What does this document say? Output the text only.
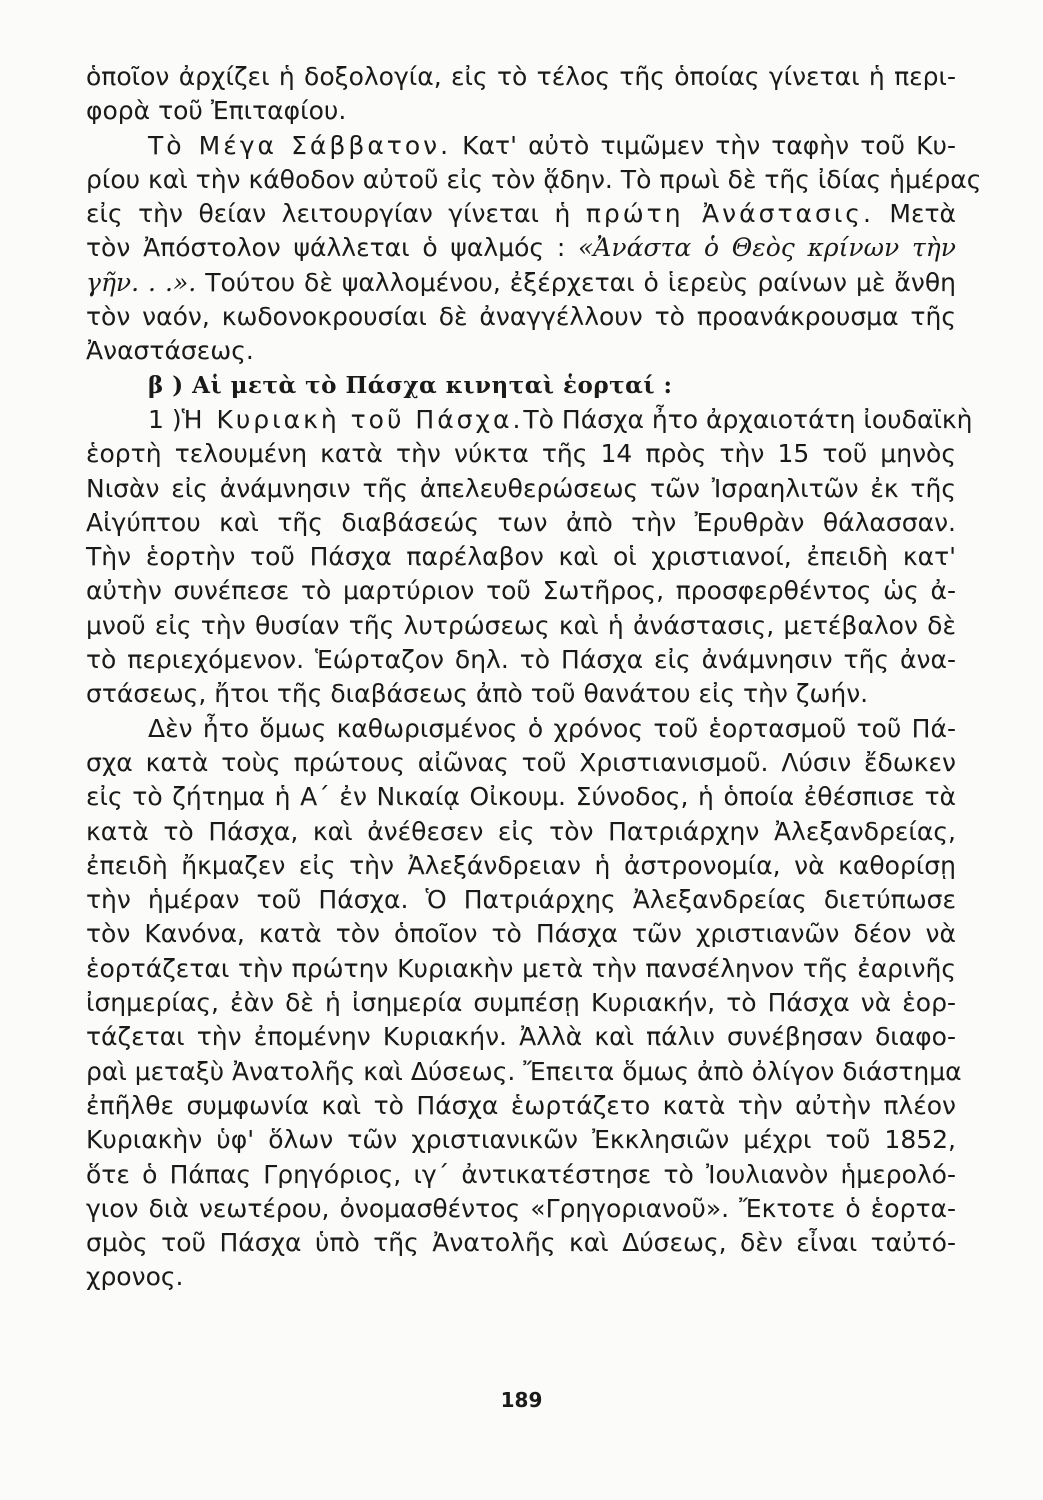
ὁποῖον ἀρχίζει ἡ δοξολογία, εἰς τὸ τέλος τῆς ὁποίας γίνεται ἡ περι-
φορὰ τοῦ Ἐπιταφίου.
Τὸ Μέγα Σάββατον. Κατ' αὐτὸ τιμῶμεν τὴν ταφὴν τοῦ Κυ-
ρίου καὶ τὴν κάθοδον αὐτοῦ εἰς τὸν ᾅδην. Τὸ πρωὶ δὲ τῆς ἰδίας ἡμέρας
εἰς τὴν θείαν λειτουργίαν γίνεται ἡ πρώτη Ἀνάστασις. Μετὰ
τὸν Ἀπόστολον ψάλλεται ὁ ψαλμός : «Ἀνάστα ὁ Θεὸς κρίνων τὴν
γῆν. . .». Τούτου δὲ ψαλλομένου, ἐξέρχεται ὁ ἱερεὺς ραίνων μὲ ἄνθη
τὸν ναόν, κωδονοκρουσίαι δὲ ἀναγγέλλουν τὸ προανάκρουσμα τῆς
Ἀναστάσεως.
β ) Αἱ μετὰ τὸ Πάσχα κινηταὶ ἑορταί :
1 )Ἡ Κυριακὴ τοῦ Πάσχα.Τὸ Πάσχα ἦτο ἀρχαιοτάτη ἰουδαϊκὴ
ἑορτὴ τελουμένη κατὰ τὴν νύκτα τῆς 14 πρὸς τὴν 15 τοῦ μηνὸς
Νισὰν εἰς ἀνάμνησιν τῆς ἀπελευθερώσεως τῶν Ἰσραηλιτῶν ἐκ τῆς
Αἰγύπτου καὶ τῆς διαβάσεώς των ἀπὸ τὴν Ἐρυθρὰν θάλασσαν.
Τὴν ἑορτὴν τοῦ Πάσχα παρέλαβον καὶ οἱ χριστιανοί, ἐπειδὴ κατ'
αὐτὴν συνέπεσε τὸ μαρτύριον τοῦ Σωτῆρος, προσφερθέντος ὡς ἀ-
μνοῦ εἰς τὴν θυσίαν τῆς λυτρώσεως καὶ ἡ ἀνάστασις, μετέβαλον δὲ
τὸ περιεχόμενον. Ἑώρταζον δηλ. τὸ Πάσχα εἰς ἀνάμνησιν τῆς ἀνα-
στάσεως, ἤτοι τῆς διαβάσεως ἀπὸ τοῦ θανάτου εἰς τὴν ζωήν.
Δὲν ἦτο ὅμως καθωρισμένος ὁ χρόνος τοῦ ἑορτασμοῦ τοῦ Πά-
σχα κατὰ τοὺς πρώτους αἰῶνας τοῦ Χριστιανισμοῦ. Λύσιν ἔδωκεν
εἰς τὸ ζήτημα ἡ Α΄ ἐν Νικαίᾳ Οἰκουμ. Σύνοδος, ἡ ὁποία ἐθέσπισε τὰ
κατὰ τὸ Πάσχα, καὶ ἀνέθεσεν εἰς τὸν Πατριάρχην Ἀλεξανδρείας,
ἐπειδὴ ἤκμαζεν εἰς τὴν Ἀλεξάνδρειαν ἡ ἀστρονομία, νὰ καθορίσῃ
τὴν ἡμέραν τοῦ Πάσχα. Ὁ Πατριάρχης Ἀλεξανδρείας διετύπωσε
τὸν Κανόνα, κατὰ τὸν ὁποῖον τὸ Πάσχα τῶν χριστιανῶν δέον νὰ
ἑορτάζεται τὴν πρώτην Κυριακὴν μετὰ τὴν πανσέληνον τῆς ἐαρινῆς
ἰσημερίας, ἐὰν δὲ ἡ ἰσημερία συμπέσῃ Κυριακήν, τὸ Πάσχα νὰ ἑορ-
τάζεται τὴν ἐπομένην Κυριακήν. Ἀλλὰ καὶ πάλιν συνέβησαν διαφο-
ραὶ μεταξὺ Ἀνατολῆς καὶ Δύσεως. Ἔπειτα ὅμως ἀπὸ ὀλίγον διάστημα
ἐπῆλθε συμφωνία καὶ τὸ Πάσχα ἑωρτάζετο κατὰ τὴν αὐτὴν πλέον
Κυριακὴν ὑφ' ὅλων τῶν χριστιανικῶν Ἐκκλησιῶν μέχρι τοῦ 1852,
ὅτε ὁ Πάπας Γρηγόριος, ιγ΄ ἀντικατέστησε τὸ Ἰουλιανὸν ἡμερολό-
γιον διὰ νεωτέρου, ὀνομασθέντος «Γρηγοριανοῦ». Ἔκτοτε ὁ ἑορτα-
σμὸς τοῦ Πάσχα ὑπὸ τῆς Ἀνατολῆς καὶ Δύσεως, δὲν εἶναι ταὐτό-
χρονος.
189
